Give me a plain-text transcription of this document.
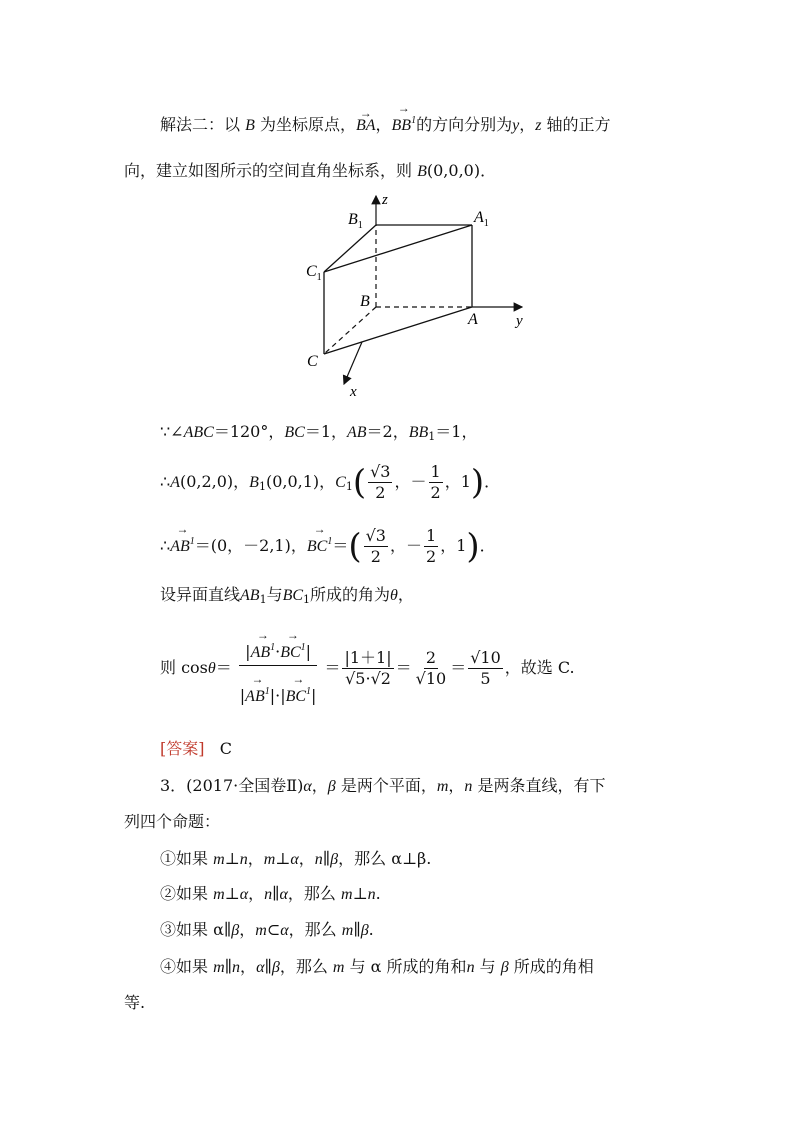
解法二：以 B 为坐标原点，→ BA，→ $BB^1$的方向分别为y，z 轴的正方
向，建立如图所示的空间直角坐标系，则 B(0,0,0)．
$B_1$
z
$A_1$
$C_1$
B
A	y
C
x
∵∠ABC＝120°，BC＝1，AB＝2，$BB_1=1$，
∴A(0,2,0)，$B_1(0,0,1)$，$C_1( \frac{√3}{2}$ ，－ $\frac{1}{2}$ ，1)．
∴→ $AB^1=(0$，－2,1)，→ $BC^1=( \frac{√3}{2}$ ，－ $\frac{1}{2}$ ，1)．
设异面直线$AB_1$与$BC_1$所成的角为θ，
则 $\cos\theta= \frac{|\to AB^1\cdot\to BC^1|}{|\to AB^1|\cdot|\to BC^1|} = \frac{|1+1|}{√5\cdot√2} = \frac{2}{√10} = \frac{√10}{5}$ ，故选 C.
[答案] C
3．(2017·全国卷Ⅱ)α，β 是两个平面，m，n 是两条直线，有下
列四个命题：
①如果 m⊥n，m⊥α，n∥β，那么 α⊥β.
②如果 m⊥α，n∥α，那么 m⊥n.
③如果 α∥β，m⊂α，那么 m∥β.
④如果 m∥n，α∥β，那么 m 与 α 所成的角和n 与 β 所成的角相
等.
